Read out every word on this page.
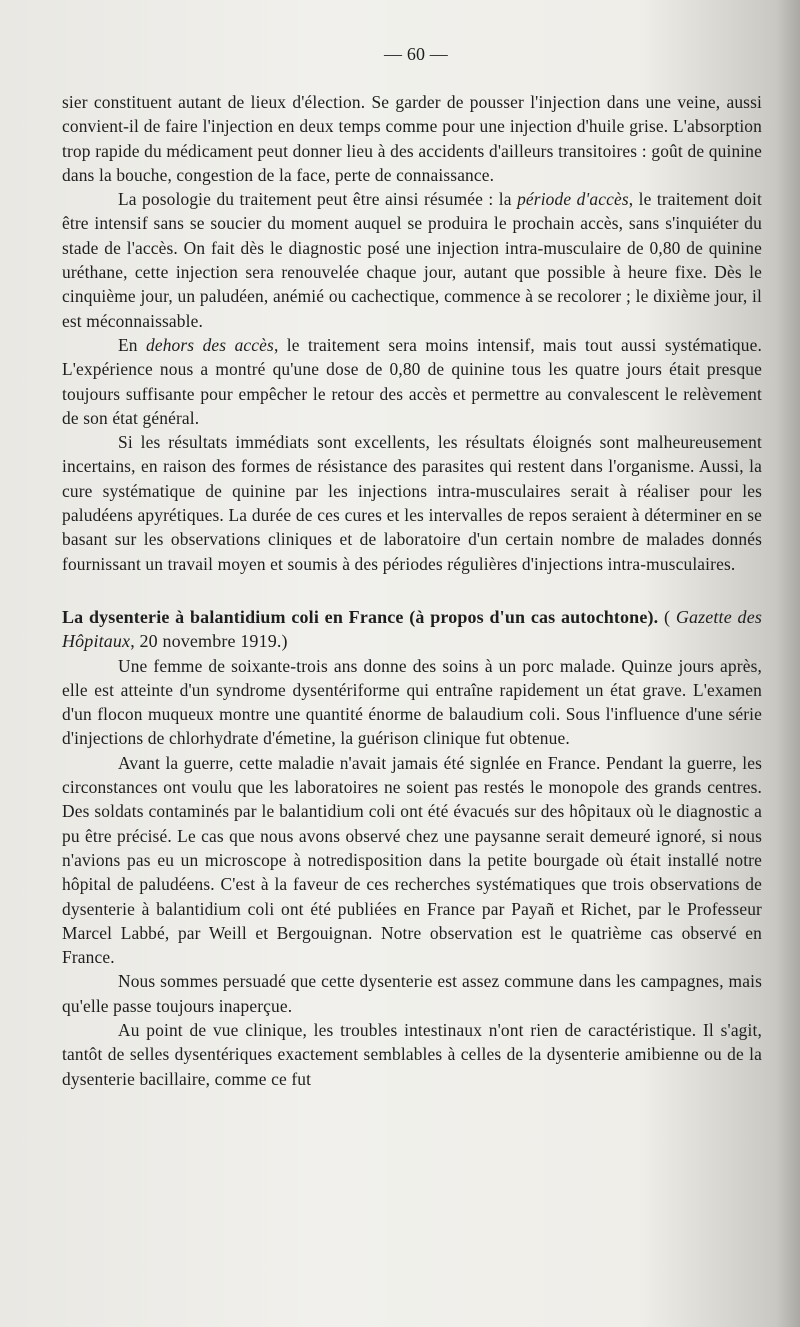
— 60 —

sier constituent autant de lieux d'élection. Se garder de pousser l'injection dans une veine, aussi convient-il de faire l'injection en deux temps comme pour une injection d'huile grise. L'absorption trop rapide du médicament peut donner lieu à des accidents d'ailleurs transitoires : goût de quinine dans la bouche, congestion de la face, perte de connaissance.

La posologie du traitement peut être ainsi résumée : la période d'accès, le traitement doit être intensif sans se soucier du moment auquel se produira le prochain accès, sans s'inquiéter du stade de l'accès. On fait dès le diagnostic posé une injection intra-musculaire de 0,80 de quinine uréthane, cette injection sera renouvelée chaque jour, autant que possible à heure fixe. Dès le cinquième jour, un paludéen, anémié ou cachectique, commence à se recolorer ; le dixième jour, il est méconnaissable.

En dehors des accès, le traitement sera moins intensif, mais tout aussi systématique. L'expérience nous a montré qu'une dose de 0,80 de quinine tous les quatre jours était presque toujours suffisante pour empêcher le retour des accès et permettre au convalescent le relèvement de son état général.

Si les résultats immédiats sont excellents, les résultats éloignés sont malheureusement incertains, en raison des formes de résistance des parasites qui restent dans l'organisme. Aussi, la cure systématique de quinine par les injections intra-musculaires serait à réaliser pour les paludéens apyrétiques. La durée de ces cures et les intervalles de repos seraient à déterminer en se basant sur les observations cliniques et de laboratoire d'un certain nombre de malades donnés fournissant un travail moyen et soumis à des périodes régulières d'injections intra-musculaires.

La dysenterie à balantidium coli en France (à propos d'un cas autochtone). ( Gazette des Hôpitaux, 20 novembre 1919.)

Une femme de soixante-trois ans donne des soins à un porc malade. Quinze jours après, elle est atteinte d'un syndrome dysentériforme qui entraîne rapidement un état grave. L'examen d'un flocon muqueux montre une quantité énorme de balaudium coli. Sous l'influence d'une série d'injections de chlorhydrate d'émetine, la guérison clinique fut obtenue.

Avant la guerre, cette maladie n'avait jamais été signlée en France. Pendant la guerre, les circonstances ont voulu que les laboratoires ne soient pas restés le monopole des grands centres. Des soldats contaminés par le balantidium coli ont été évacués sur des hôpitaux où le diagnostic a pu être précisé. Le cas que nous avons observé chez une paysanne serait demeuré ignoré, si nous n'avions pas eu un microscope à notredisposition dans la petite bourgade où était installé notre hôpital de paludéens. C'est à la faveur de ces recherches systématiques que trois observations de dysenterie à balantidium coli ont été publiées en France par Payañ et Richet, par le Professeur Marcel Labbé, par Weill et Bergouignan. Notre observation est le quatrième cas observé en France.

Nous sommes persuadé que cette dysenterie est assez commune dans les campagnes, mais qu'elle passe toujours inaperçue.

Au point de vue clinique, les troubles intestinaux n'ont rien de caractéristique. Il s'agit, tantôt de selles dysentériques exactement semblables à celles de la dysenterie amibienne ou de la dysenterie bacillaire, comme ce fut
